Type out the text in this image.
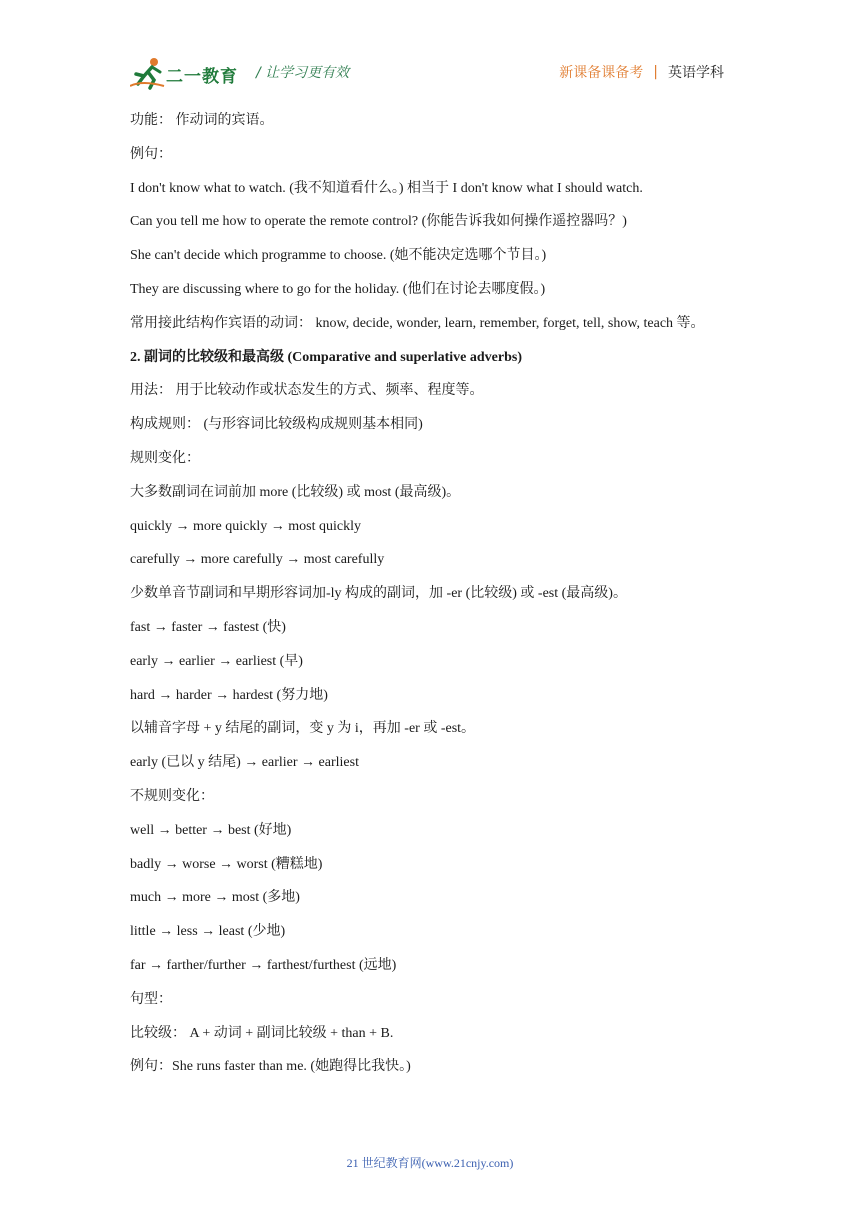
二一教育 / 让学习更有效	新课备课备考 | 英语学科
功能： 作动词的宾语。
例句：
I don't know what to watch. (我不知道看什么。) 相当于 I don't know what I should watch.
Can you tell me how to operate the remote control? (你能告诉我如何操作遥控器吗？)
She can't decide which programme to choose. (她不能决定选哪个节目。)
They are discussing where to go for the holiday. (他们在讨论去哪度假。)
常用接此结构作宾语的动词： know, decide, wonder, learn, remember, forget, tell, show, teach 等。
2. 副词的比较级和最高级 (Comparative and superlative adverbs)
用法： 用于比较动作或状态发生的方式、频率、程度等。
构成规则： (与形容词比较级构成规则基本相同)
规则变化：
大多数副词在词前加 more (比较级) 或 most (最高级)。
quickly → more quickly → most quickly
carefully → more carefully → most carefully
少数单音节副词和早期形容词加-ly 构成的副词，加 -er (比较级) 或 -est (最高级)。
fast → faster → fastest (快)
early → earlier → earliest (早)
hard → harder → hardest (努力地)
以辅音字母 + y 结尾的副词，变 y 为 i，再加 -er 或 -est。
early (已以 y 结尾) → earlier → earliest
不规则变化：
well → better → best (好地)
badly → worse → worst (糟糕地)
much → more → most (多地)
little → less → least (少地)
far → farther/further → farthest/furthest (远地)
句型：
比较级： A + 动词 + 副词比较级 + than + B.
例句：She runs faster than me. (她跑得比我快。)
21 世纪教育网(www.21cnjy.com)
